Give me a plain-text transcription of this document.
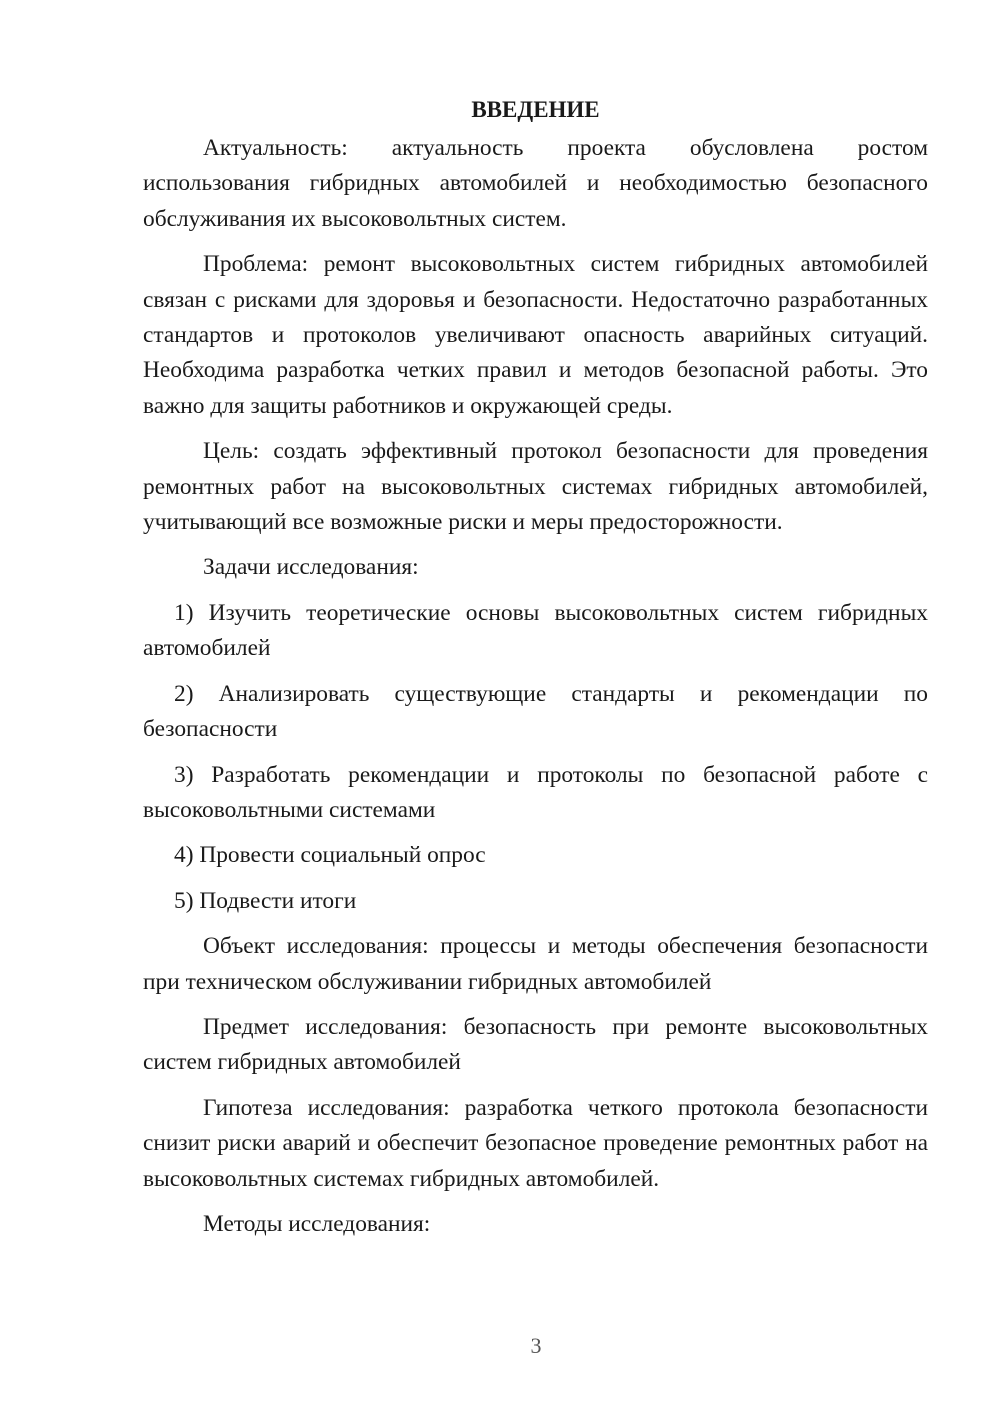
ВВЕДЕНИЕ

Актуальность: актуальность проекта обусловлена ростом использования гибридных автомобилей и необходимостью безопасного обслуживания их высоковольтных систем.

Проблема: ремонт высоковольтных систем гибридных автомобилей связан с рисками для здоровья и безопасности. Недостаточно разработанных стандартов и протоколов увеличивают опасность аварийных ситуаций. Необходима разработка четких правил и методов безопасной работы. Это важно для защиты работников и окружающей среды.

Цель: создать эффективный протокол безопасности для проведения ремонтных работ на высоковольтных системах гибридных автомобилей, учитывающий все возможные риски и меры предосторожности.

Задачи исследования:

1) Изучить теоретические основы высоковольтных систем гибридных автомобилей

2) Анализировать существующие стандарты и рекомендации по безопасности

3) Разработать рекомендации и протоколы по безопасной работе с высоковольтными системами

4) Провести социальный опрос

5) Подвести итоги

Объект исследования: процессы и методы обеспечения безопасности при техническом обслуживании гибридных автомобилей

Предмет исследования: безопасность при ремонте высоковольтных систем гибридных автомобилей

Гипотеза исследования: разработка четкого протокола безопасности снизит риски аварий и обеспечит безопасное проведение ремонтных работ на высоковольтных системах гибридных автомобилей.

Методы исследования:

3
